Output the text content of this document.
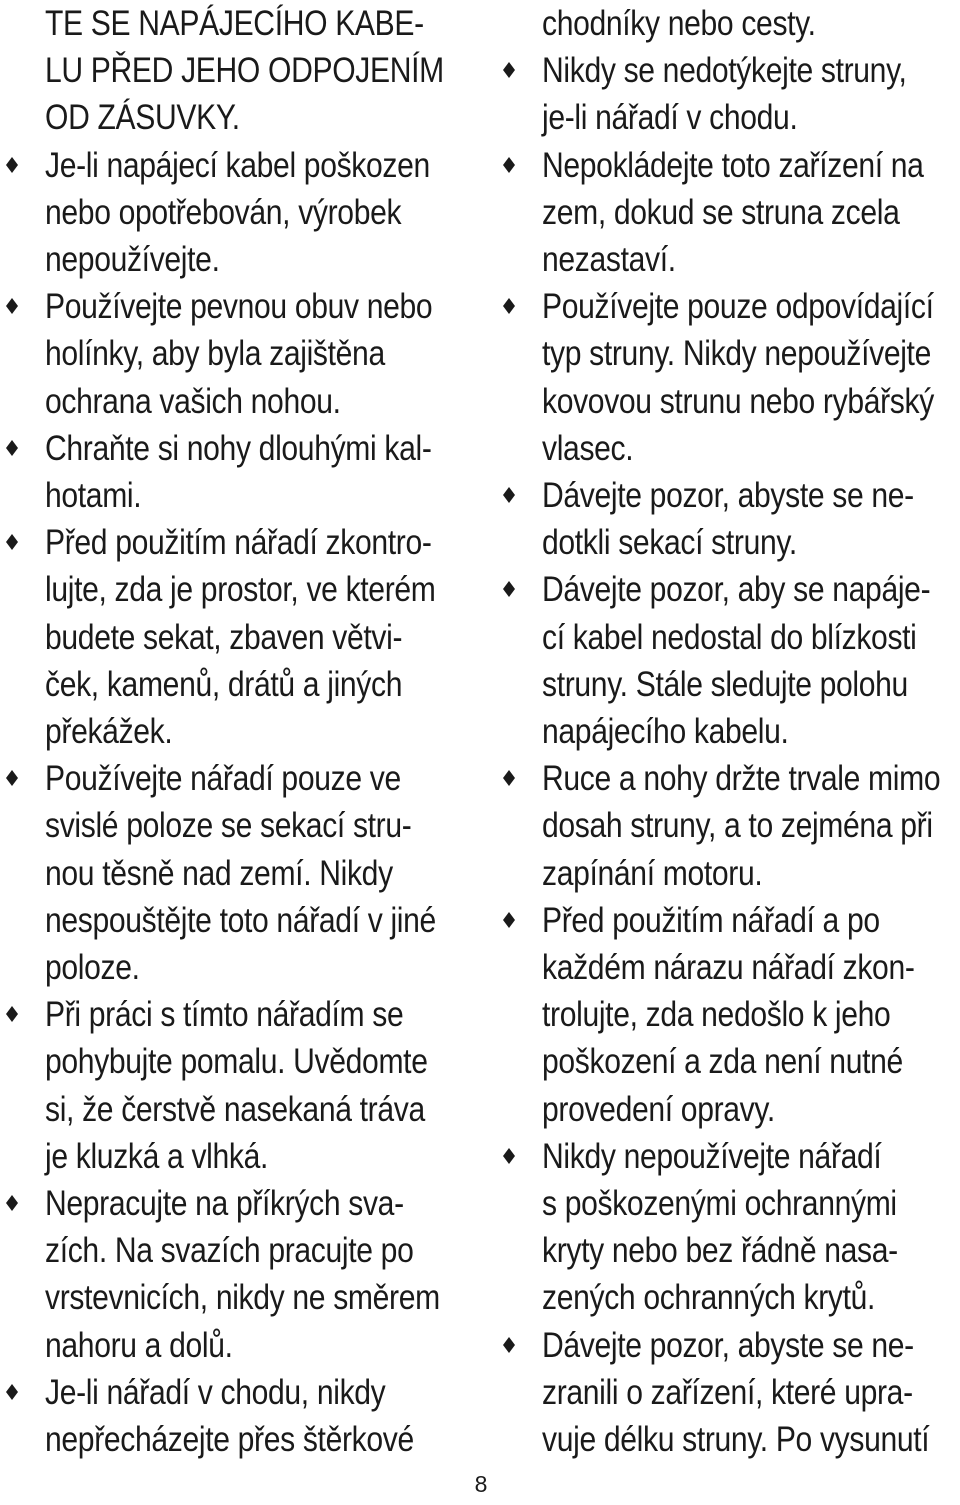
TE SE NAPÁJECÍHO KABE-
LU PŘED JEHO ODPOJENÍM
OD ZÁSUVKY.
Je-li napájecí kabel poškozen
nebo opotřebován, výrobek
nepoužívejte.
Používejte pevnou obuv nebo
holínky, aby byla zajištěna
ochrana vašich nohou.
Chraňte si nohy dlouhými kal-
hotami.
Před použitím nářadí zkontro-
lujte, zda je prostor, ve kterém
budete sekat, zbaven větvi-
ček, kamenů, drátů a jiných
překážek.
Používejte nářadí pouze ve
svislé poloze se sekací stru-
nou těsně nad zemí. Nikdy
nespouštějte toto nářadí v jiné
poloze.
Při práci s tímto nářadím se
pohybujte pomalu. Uvědomte
si, že čerstvě nasekaná tráva
je kluzká a vlhká.
Nepracujte na příkrých sva-
zích. Na svazích pracujte po
vrstevnicích, nikdy ne směrem
nahoru a dolů.
Je-li nářadí v chodu, nikdy
nepřecházejte přes štěrkové
chodníky nebo cesty.
Nikdy se nedotýkejte struny,
je-li nářadí v chodu.
Nepokládejte toto zařízení na
zem, dokud se struna zcela
nezastaví.
Používejte pouze odpovídající
typ struny. Nikdy nepoužívejte
kovovou strunu nebo rybářský
vlasec.
Dávejte pozor, abyste se ne-
dotkli sekací struny.
Dávejte pozor, aby se napáje-
cí kabel nedostal do blízkosti
struny. Stále sledujte polohu
napájecího kabelu.
Ruce a nohy držte trvale mimo
dosah struny, a to zejména při
zapínání motoru.
Před použitím nářadí a po
každém nárazu nářadí zkon-
trolujte, zda nedošlo k jeho
poškození a zda není nutné
provedení opravy.
Nikdy nepoužívejte nářadí
s poškozenými ochrannými
kryty nebo bez řádně nasa-
zených ochranných krytů.
Dávejte pozor, abyste se ne-
zranili o zařízení, které upra-
vuje délku struny. Po vysunutí
8
